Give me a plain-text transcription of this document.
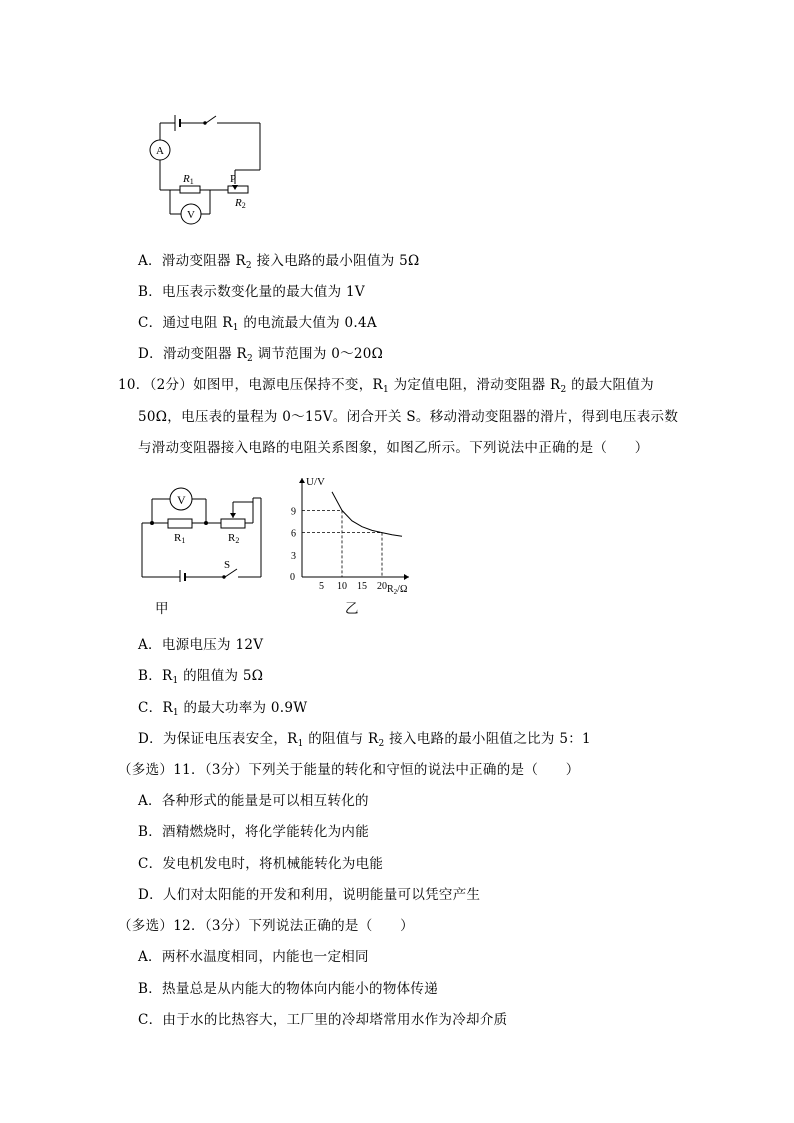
A
V
R1	P
R2
A．滑动变阻器 $R_2$ 接入电路的最小阻值为 5Ω
B．电压表示数变化量的最大值为 1V
C．通过电阻 $R_1$ 的电流最大值为 0.4A
D．滑动变阻器 $R_2$ 调节范围为 0～20Ω
10．（2分）如图甲，电源电压保持不变，$R_1$ 为定值电阻，滑动变阻器 $R_2$ 的最大阻值为
50Ω，电压表的量程为 0～15V。闭合开关 S。移动滑动变阻器的滑片，得到电压表示数
与滑动变阻器接入电路的电阻关系图象，如图乙所示。下列说法中正确的是（　　）
V
R1	R2
S
甲
5 10 15 20
3
6
9
U/V
0
$R_2/\Omega$
乙
A．电源电压为 12V
B．$R_1$ 的阻值为 5Ω
C．$R_1$ 的最大功率为 0.9W
D．为保证电压表安全，$R_1$ 的阻值与 $R_2$ 接入电路的最小阻值之比为 5：1
（多选）11．（3分）下列关于能量的转化和守恒的说法中正确的是（　　）
A．各种形式的能量是可以相互转化的
B．酒精燃烧时，将化学能转化为内能
C．发电机发电时，将机械能转化为电能
D．人们对太阳能的开发和利用，说明能量可以凭空产生
（多选）12．（3分）下列说法正确的是（　　）
A．两杯水温度相同，内能也一定相同
B．热量总是从内能大的物体向内能小的物体传递
C．由于水的比热容大，工厂里的冷却塔常用水作为冷却介质
